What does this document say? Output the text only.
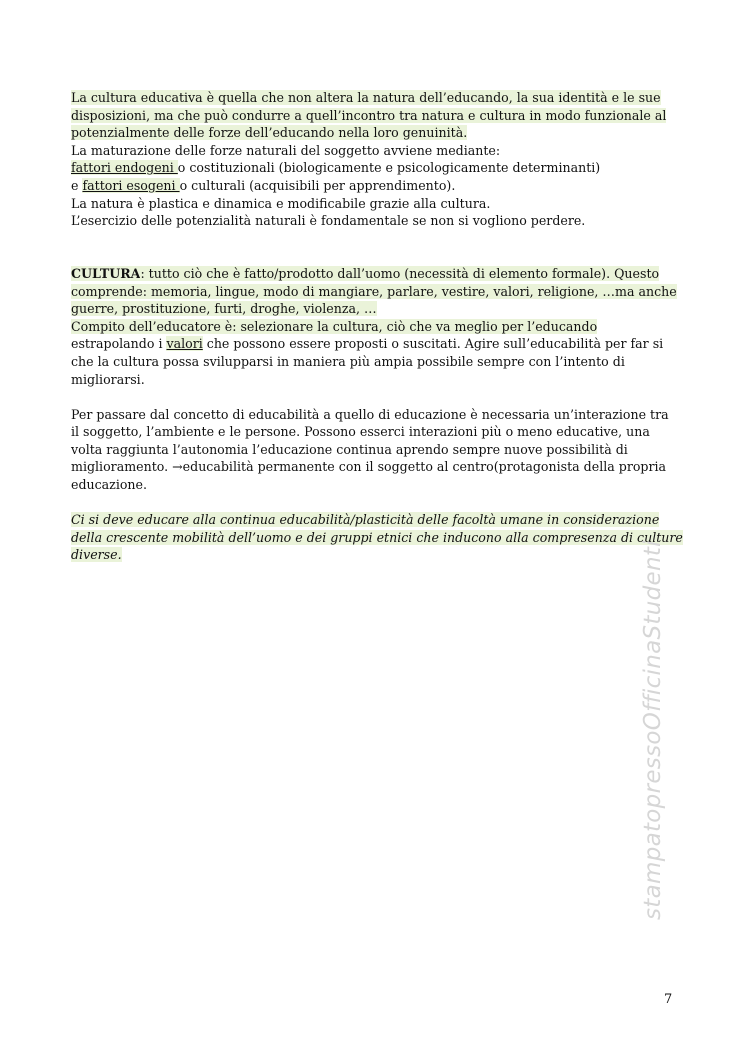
La cultura educativa è quella che non altera la natura dell’educando, la sua identità e le sue
disposizioni, ma che può condurre a quell’incontro tra natura e cultura in modo funzionale al
potenzialmente delle forze dell’educando nella loro genuinità.
La maturazione delle forze naturali del soggetto avviene mediante:
fattori endogeni o costituzionali (biologicamente e psicologicamente determinanti)
e fattori esogeni o culturali (acquisibili per apprendimento).
La natura è plastica e dinamica e modificabile grazie alla cultura.
L’esercizio delle potenzialità naturali è fondamentale se non si vogliono perdere.
CULTURA: tutto ciò che è fatto/prodotto dall’uomo (necessità di elemento formale). Questo
comprende: memoria, lingue, modo di mangiare, parlare, vestire, valori, religione, …ma anche
guerre, prostituzione, furti, droghe, violenza, …
Compito dell’educatore è: selezionare la cultura, ciò che va meglio per l’educando
estrapolando i valori che possono essere proposti o suscitati. Agire sull’educabilità per far si
che la cultura possa svilupparsi in maniera più ampia possibile sempre con l’intento di
migliorarsi.
Per passare dal concetto di educabilità a quello di educazione è necessaria un’interazione tra
il soggetto, l’ambiente e le persone. Possono esserci interazioni più o meno educative, una
volta raggiunta l’autonomia l’educazione continua aprendo sempre nuove possibilità di
miglioramento. →educabilità permanente con il soggetto al centro(protagonista della propria
educazione.
Ci si deve educare alla continua educabilità/plasticità delle facoltà umane in considerazione
della crescente mobilità dell’uomo e dei gruppi etnici che inducono alla compresenza di culture
diverse.	stampatopressoOfficinaStudenti
7
